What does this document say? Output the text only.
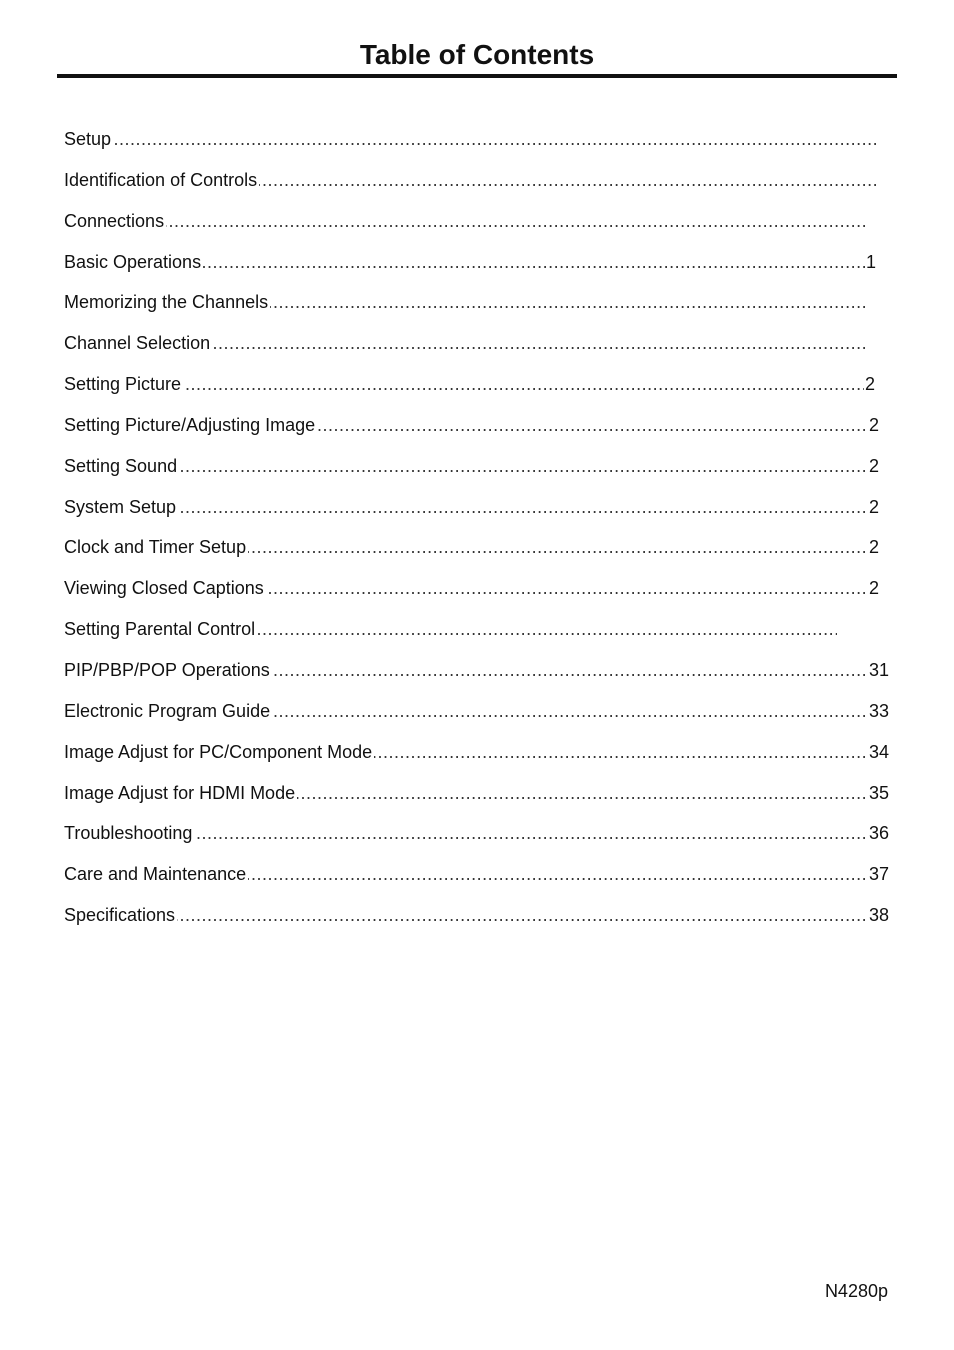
Table of Contents
.....
Setup
.....
Identification of Controls
.....
Connections
.....
Basic Operations	1
.....
Memorizing the Channels
.....
Channel Selection
.....
Setting Picture	2
.....
Setting Picture/Adjusting Image	2
.....
Setting Sound	2
.....
System Setup	2
.....
Clock and Timer Setup	2
.....
Viewing Closed Captions	2
.....
Setting Parental Control
.....
PIP/PBP/POP Operations	31
.....
Electronic Program Guide	33
.....
Image Adjust for PC/Component Mode	34
.....
Image Adjust for HDMI Mode	35
.....
Troubleshooting	36
.....
Care and Maintenance	37
.....
Specifications	38
N4280p
